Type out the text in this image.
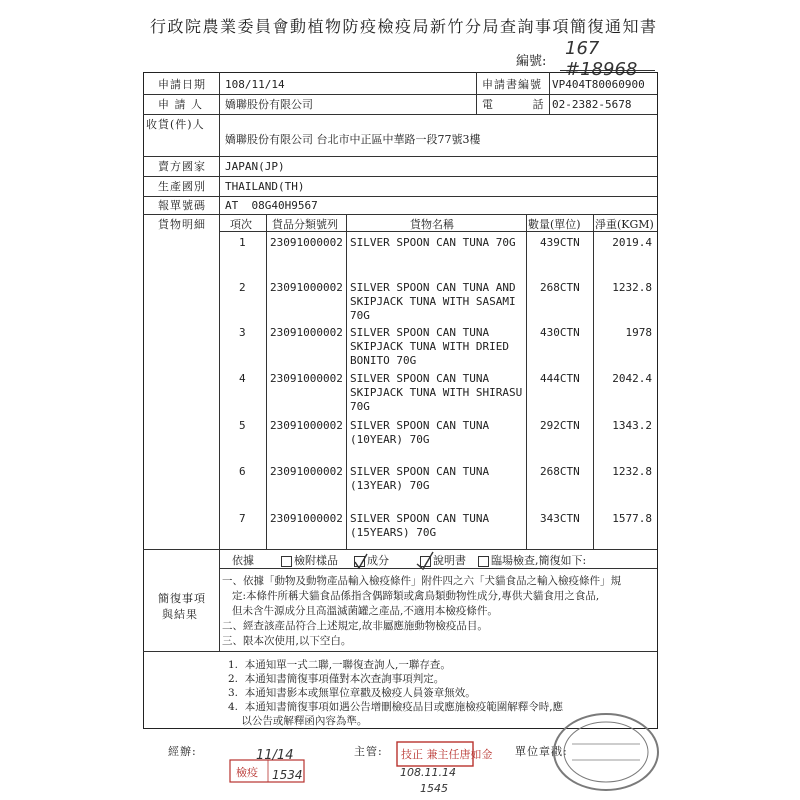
行政院農業委員會動植物防疫檢疫局新竹分局查詢事項簡復通知書
編號:
167 #18968
申請日期 108/11/14	申請書編號 VP404T80060900
申 請 人 嬌聯股份有限公司	電 話 02-2382-5678
收貨(件)人
嬌聯股份有限公司 台北市中正區中華路一段77號3樓
賣方國家 JAPAN(JP)
生產國別 THAILAND(TH)
報單號碼 AT  08G40H9567
貨物明細 項次 貨品分類號列	貨物名稱	數量(單位) 淨重(KGM)
1 23091000002 SILVER SPOON CAN TUNA 70G 439CTN	2019.4
2 23091000002 SILVER SPOON CAN TUNA AND
SKIPJACK TUNA WITH SASAMI
70G
268CTN	1232.8
3 23091000002 SILVER SPOON CAN TUNA
SKIPJACK TUNA WITH DRIED
BONITO 70G
430CTN	1978
4 23091000002 SILVER SPOON CAN TUNA
SKIPJACK TUNA WITH SHIRASU
70G
444CTN	2042.4
5 23091000002 SILVER SPOON CAN TUNA
(10YEAR) 70G
292CTN	1343.2
6 23091000002 SILVER SPOON CAN TUNA
(13YEAR) 70G
268CTN	1232.8
7 23091000002 SILVER SPOON CAN TUNA
(15YEARS) 70G
343CTN	1577.8
簡復事項
與結果
依據	檢附樣品	成分	說明書 臨場檢查,簡復如下:
一、依據「動物及動物產品輸入檢疫條件」附件四之六「犬貓食品之輸入檢疫條件」規
定:本條件所稱犬貓食品係指含偶蹄類或禽鳥類動物性成分,專供犬貓食用之食品,
但未含牛源成分且高溫滅菌罐之產品,不適用本檢疫條件。
二、經查該產品符合上述規定,故非屬應施動物檢疫品目。
三、限本次使用,以下空白。
1.  本通知單一式二聯,一聯復查詢人,一聯存查。
2.  本通知書簡復事項僅對本次查詢事項判定。
3.  本通知書影本或無單位章戳及檢疫人員簽章無效。
4.  本通知書簡復事項如遇公告增刪檢疫品目或應施檢疫範圍解釋令時,應
以公告或解釋函內容為準。
經辦:	主管:	單位章戳:
檢疫
11/14
1534
技正 兼主任唐如金
108.11.14
1545
